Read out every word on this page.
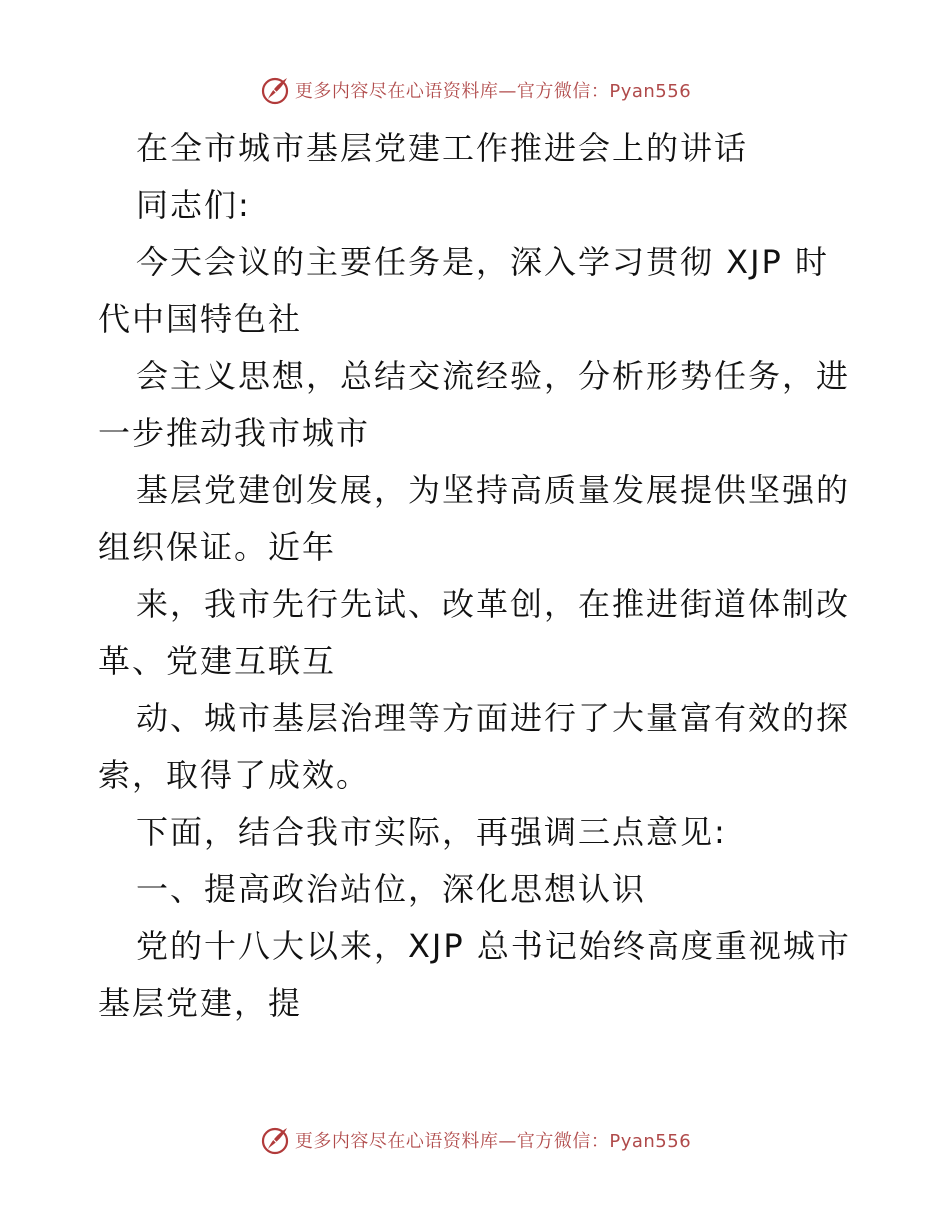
更多内容尽在心语资料库—官方微信：Pyan556
在全市城市基层党建工作推进会上的讲话
同志们:
今天会议的主要任务是，深入学习贯彻 XJP 时
代中国特色社
会主义思想，总结交流经验，分析形势任务，进
一步推动我市城市
基层党建创发展，为坚持高质量发展提供坚强的
组织保证。近年
来，我市先行先试、改革创，在推进街道体制改
革、党建互联互
动、城市基层治理等方面进行了大量富有效的探
索，取得了成效。
下面，结合我市实际，再强调三点意见:
一、提高政治站位，深化思想认识
党的十八大以来，XJP 总书记始终高度重视城市
基层党建，提
更多内容尽在心语资料库—官方微信：Pyan556
